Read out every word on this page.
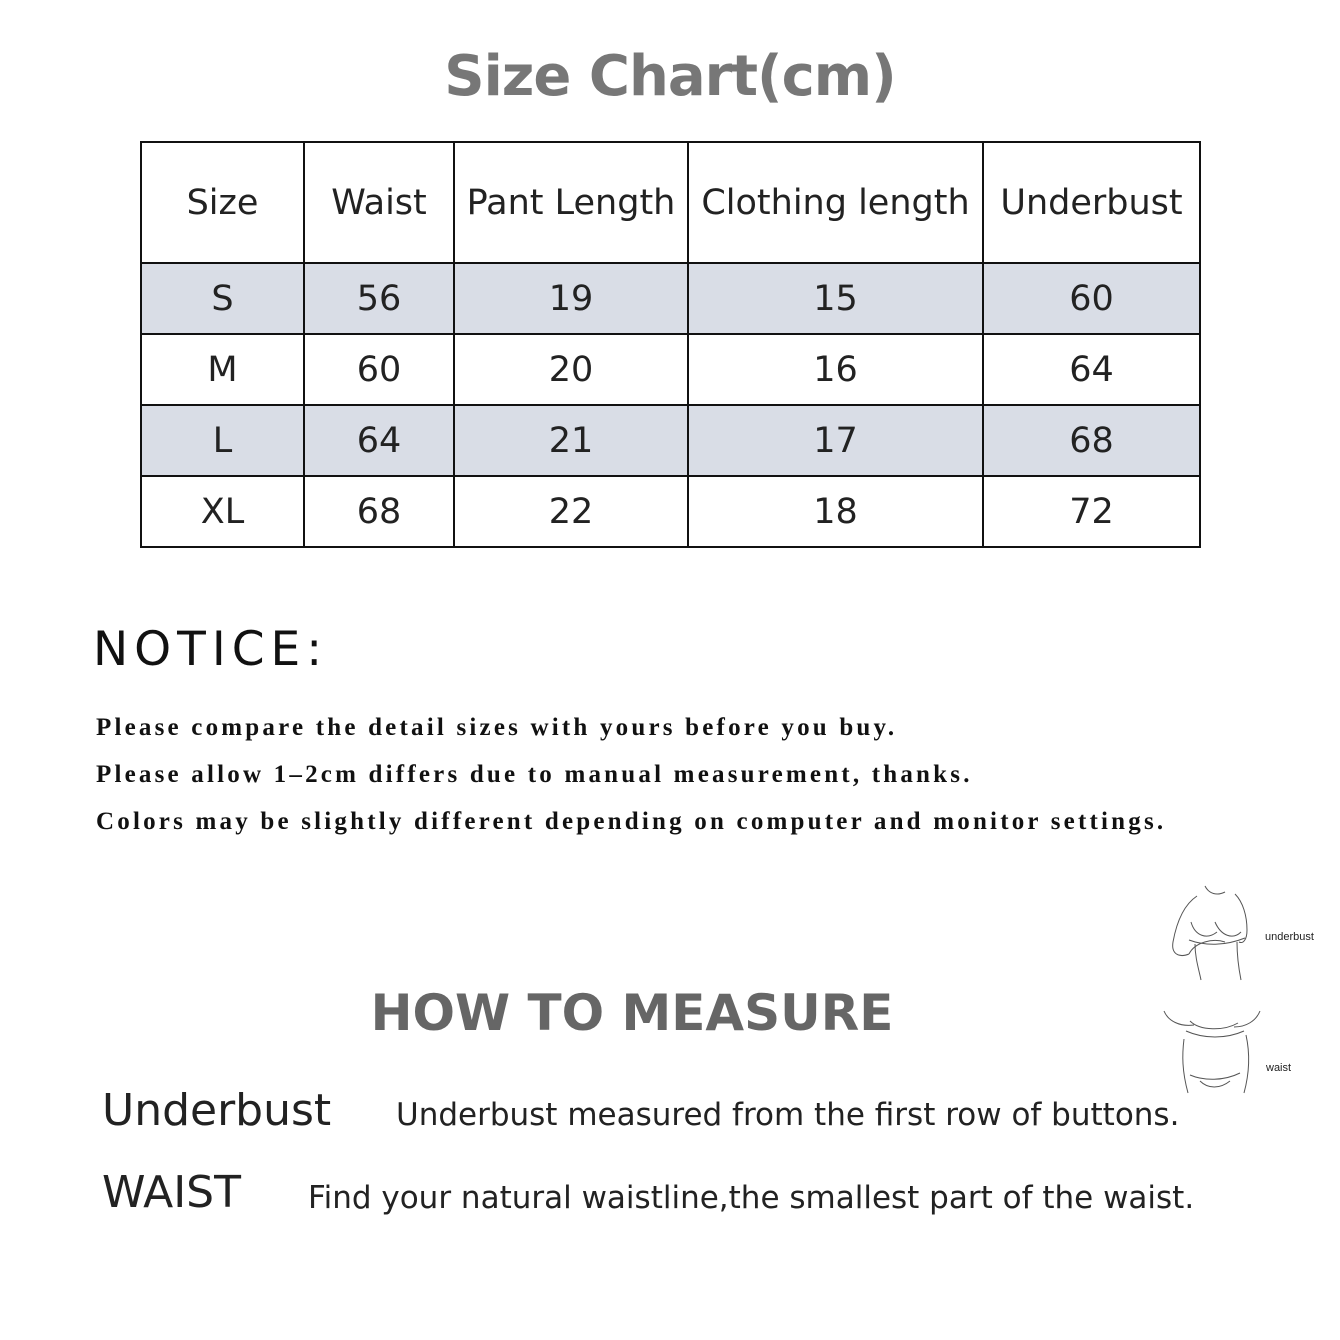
Size Chart(cm)
Size	Waist	Pant Length	Clothing length	Underbust
S	56	19	15	60
M	60	20	16	64
L	64	21	17	68
XL	68	22	18	72
NOTICE:
Please compare the detail sizes with yours before you buy.
Please allow 1–2cm differs due to manual measurement, thanks.
Colors may be slightly different depending on computer and monitor settings.
underbust
waist
HOW TO MEASURE
Underbust Underbust measured from the first row of buttons.
WAIST Find your natural waistline,the smallest part of the waist.
